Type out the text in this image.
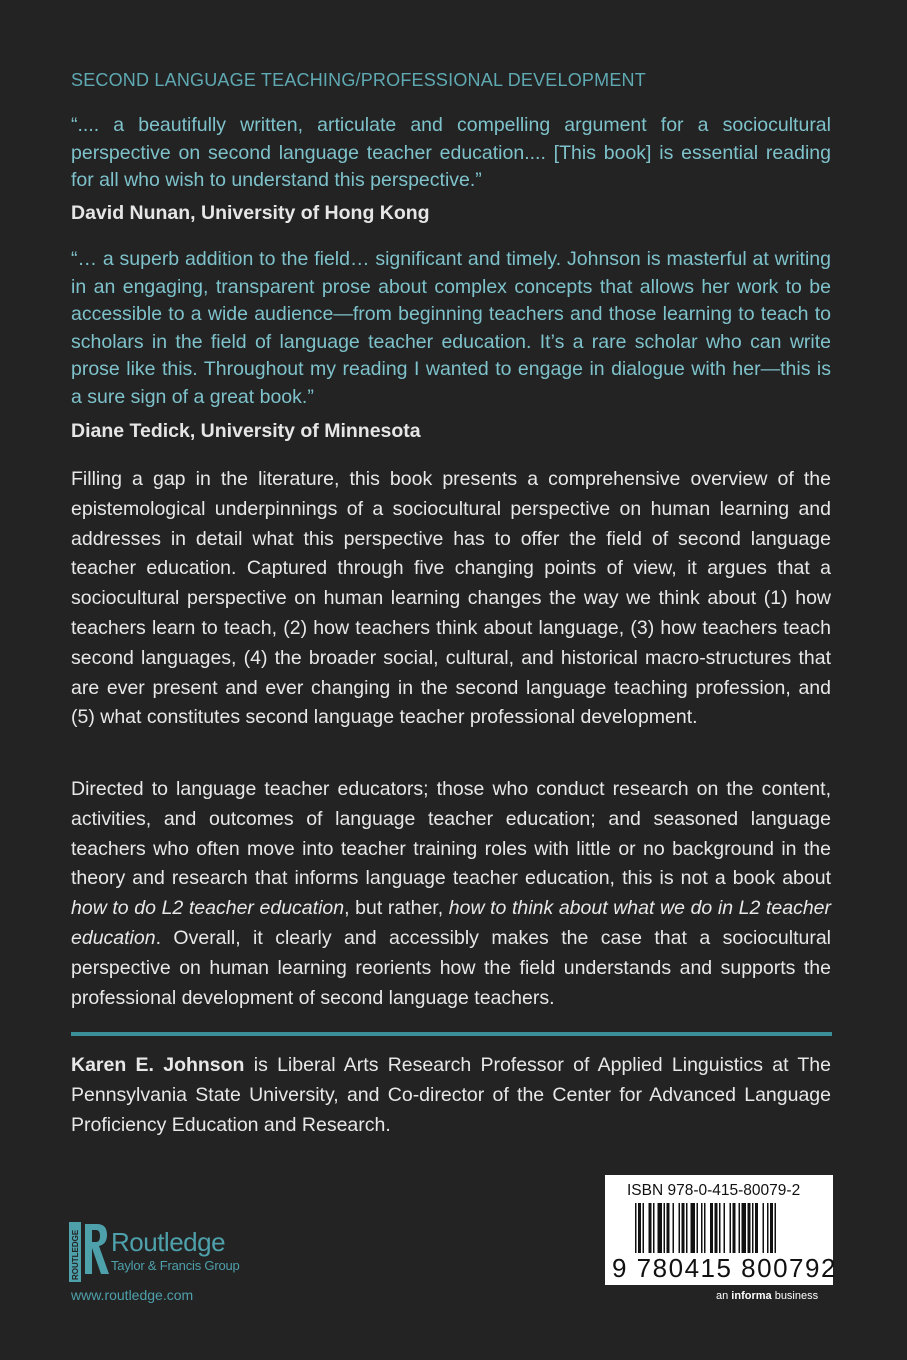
SECOND LANGUAGE TEACHING/PROFESSIONAL DEVELOPMENT
“.... a beautifully written, articulate and compelling argument for a sociocultural perspective on second language teacher education.... [This book] is essential reading for all who wish to understand this perspective.”
David Nunan, University of Hong Kong
“… a superb addition to the field… significant and timely. Johnson is masterful at writing in an engaging, transparent prose about complex concepts that allows her work to be accessible to a wide audience—from beginning teachers and those learning to teach to scholars in the field of language teacher education. It’s a rare scholar who can write prose like this. Throughout my reading I wanted to engage in dialogue with her—this is a sure sign of a great book.”
Diane Tedick, University of Minnesota
Filling a gap in the literature, this book presents a comprehensive overview of the epistemological underpinnings of a sociocultural perspective on human learning and addresses in detail what this perspective has to offer the field of second language teacher education. Captured through five changing points of view, it argues that a sociocultural perspective on human learning changes the way we think about (1) how teachers learn to teach, (2) how teachers think about language, (3) how teachers teach second languages, (4) the broader social, cultural, and historical macro-structures that are ever present and ever changing in the second language teaching profession, and (5) what constitutes second language teacher professional development.
Directed to language teacher educators; those who conduct research on the content, activities, and outcomes of language teacher education; and seasoned language teachers who often move into teacher training roles with little or no background in the theory and research that informs language teacher education, this is not a book about how to do L2 teacher education, but rather, how to think about what we do in L2 teacher education. Overall, it clearly and accessibly makes the case that a sociocultural perspective on human learning reorients how the field understands and supports the professional development of second language teachers.
Karen E. Johnson is Liberal Arts Research Professor of Applied Linguistics at The Pennsylvania State University, and Co-director of the Center for Advanced Language Proficiency Education and Research.
ROUTLEDGE Routledge
Taylor & Francis Group
www.routledge.com
ISBN 978-0-415-80079-2
9 780415 800792
an informa business
